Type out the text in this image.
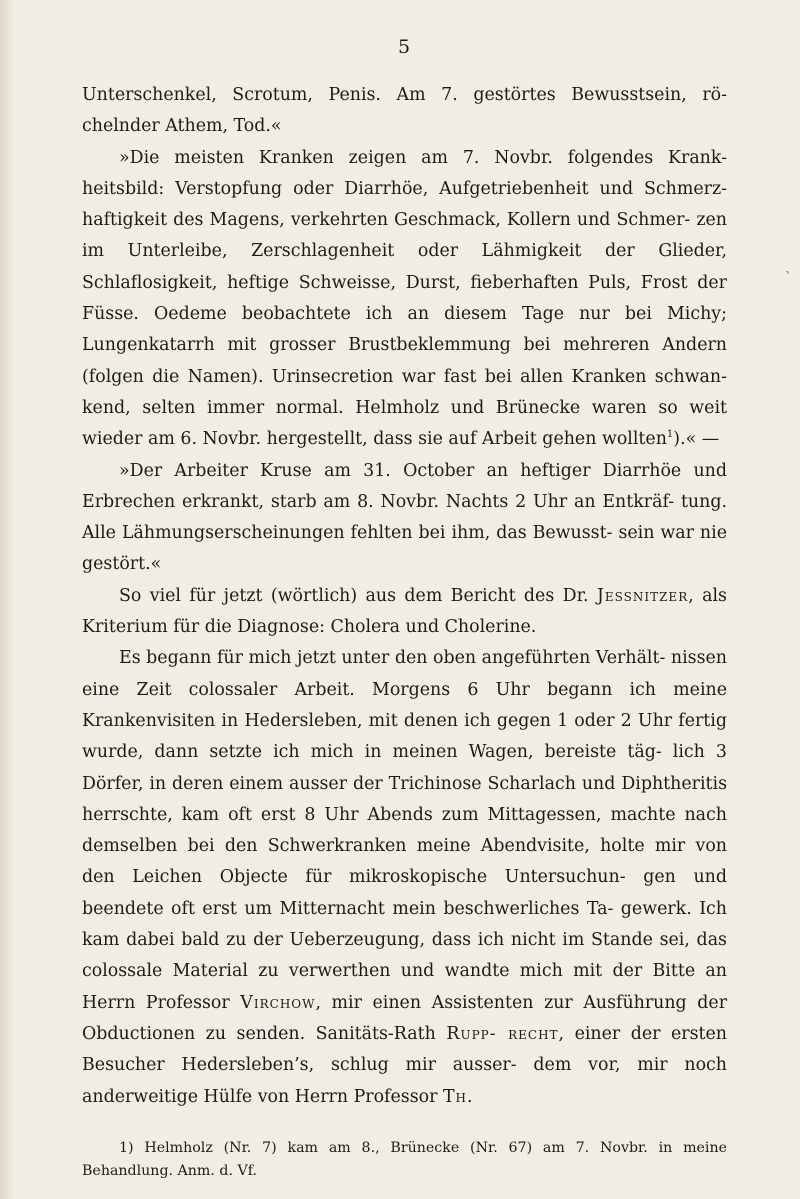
ˋ
5

Unterschenkel, Scrotum, Penis. Am 7. gestörtes Bewusstsein, rö- chelnder Athem, Tod.«

»Die meisten Kranken zeigen am 7. Novbr. folgendes Krank- heitsbild: Verstopfung oder Diarrhöe, Aufgetriebenheit und Schmerz- haftigkeit des Magens, verkehrten Geschmack, Kollern und Schmer- zen im Unterleibe, Zerschlagenheit oder Lähmigkeit der Glieder, Schlaflosigkeit, heftige Schweisse, Durst, fieberhaften Puls, Frost der Füsse. Oedeme beobachtete ich an diesem Tage nur bei Michy; Lungenkatarrh mit grosser Brustbeklemmung bei mehreren Andern (folgen die Namen). Urinsecretion war fast bei allen Kranken schwan- kend, selten immer normal. Helmholz und Brünecke waren so weit wieder am 6. Novbr. hergestellt, dass sie auf Arbeit gehen wollten$^1$).« —

»Der Arbeiter Kruse am 31. October an heftiger Diarrhöe und Erbrechen erkrankt, starb am 8. Novbr. Nachts 2 Uhr an Entkräf- tung. Alle Lähmungserscheinungen fehlten bei ihm, das Bewusst- sein war nie gestört.«

So viel für jetzt (wörtlich) aus dem Bericht des Dr. Jessnitzer, als Kriterium für die Diagnose: Cholera und Cholerine.

Es begann für mich jetzt unter den oben angeführten Verhält- nissen eine Zeit colossaler Arbeit. Morgens 6 Uhr begann ich meine Krankenvisiten in Hedersleben, mit denen ich gegen 1 oder 2 Uhr fertig wurde, dann setzte ich mich in meinen Wagen, bereiste täg- lich 3 Dörfer, in deren einem ausser der Trichinose Scharlach und Diphtheritis herrschte, kam oft erst 8 Uhr Abends zum Mittagessen, machte nach demselben bei den Schwerkranken meine Abendvisite, holte mir von den Leichen Objecte für mikroskopische Untersuchun- gen und beendete oft erst um Mitternacht mein beschwerliches Ta- gewerk. Ich kam dabei bald zu der Ueberzeugung, dass ich nicht im Stande sei, das colossale Material zu verwerthen und wandte mich mit der Bitte an Herrn Professor Virchow, mir einen Assistenten zur Ausführung der Obductionen zu senden. Sanitäts-Rath Rupp- recht, einer der ersten Besucher Hedersleben’s, schlug mir ausser- dem vor, mir noch anderweitige Hülfe von Herrn Professor Th.

1) Helmholz (Nr. 7) kam am 8., Brünecke (Nr. 67) am 7. Novbr. in meine Behandlung. Anm. d. Vf.
